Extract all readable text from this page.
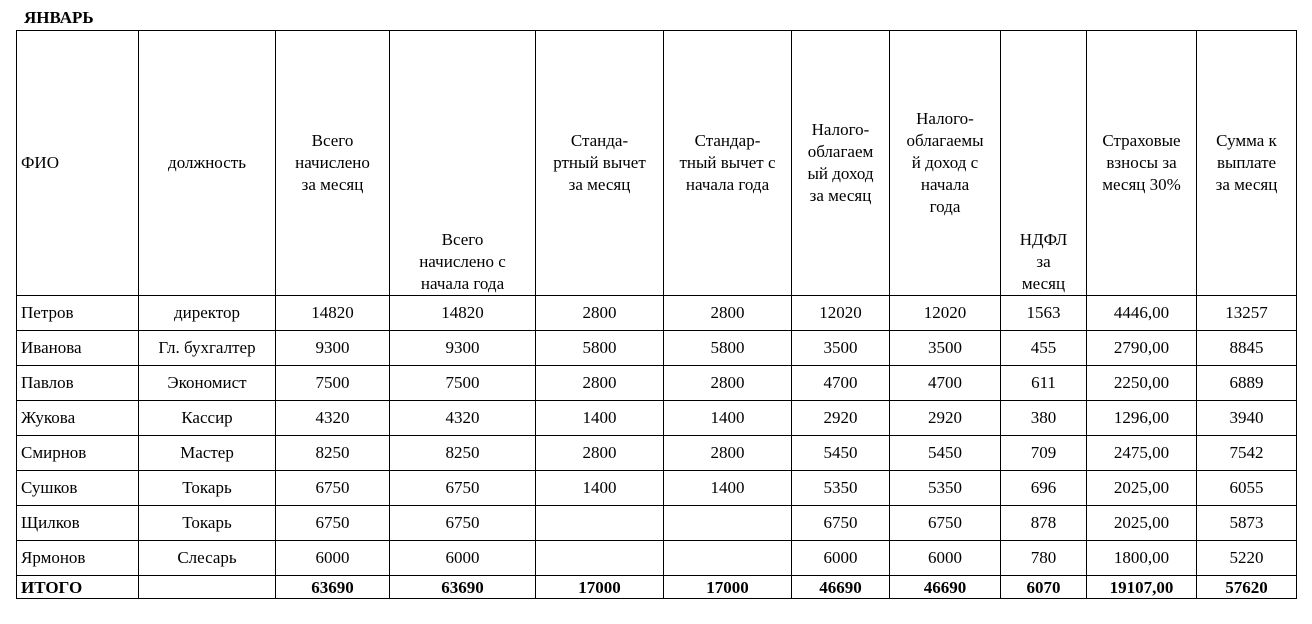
ЯНВАРЬ
ФИО	должность	Всего
начислено
за месяц	Всего
начислено с
начала года	Станда-
ртный вычет
за месяц	Стандар-
тный вычет с
начала года	Налого-
облагаем
ый доход
за месяц	Налого-
облагаемы
й доход с
начала
года	НДФЛ
за
месяц	Страховые
взносы за
месяц 30%	Сумма к
выплате
за месяц
Петров	директор	14820	14820	2800	2800	12020	12020	1563	4446,00	13257
Иванова	Гл. бухгалтер	9300	9300	5800	5800	3500	3500	455	2790,00	8845
Павлов	Экономист	7500	7500	2800	2800	4700	4700	611	2250,00	6889
Жукова	Кассир	4320	4320	1400	1400	2920	2920	380	1296,00	3940
Смирнов	Мастер	8250	8250	2800	2800	5450	5450	709	2475,00	7542
Сушков	Токарь	6750	6750	1400	1400	5350	5350	696	2025,00	6055
Щилков	Токарь	6750	6750			6750	6750	878	2025,00	5873
Ярмонов	Слесарь	6000	6000			6000	6000	780	1800,00	5220
ИТОГО		63690	63690	17000	17000	46690	46690	6070	19107,00	57620
